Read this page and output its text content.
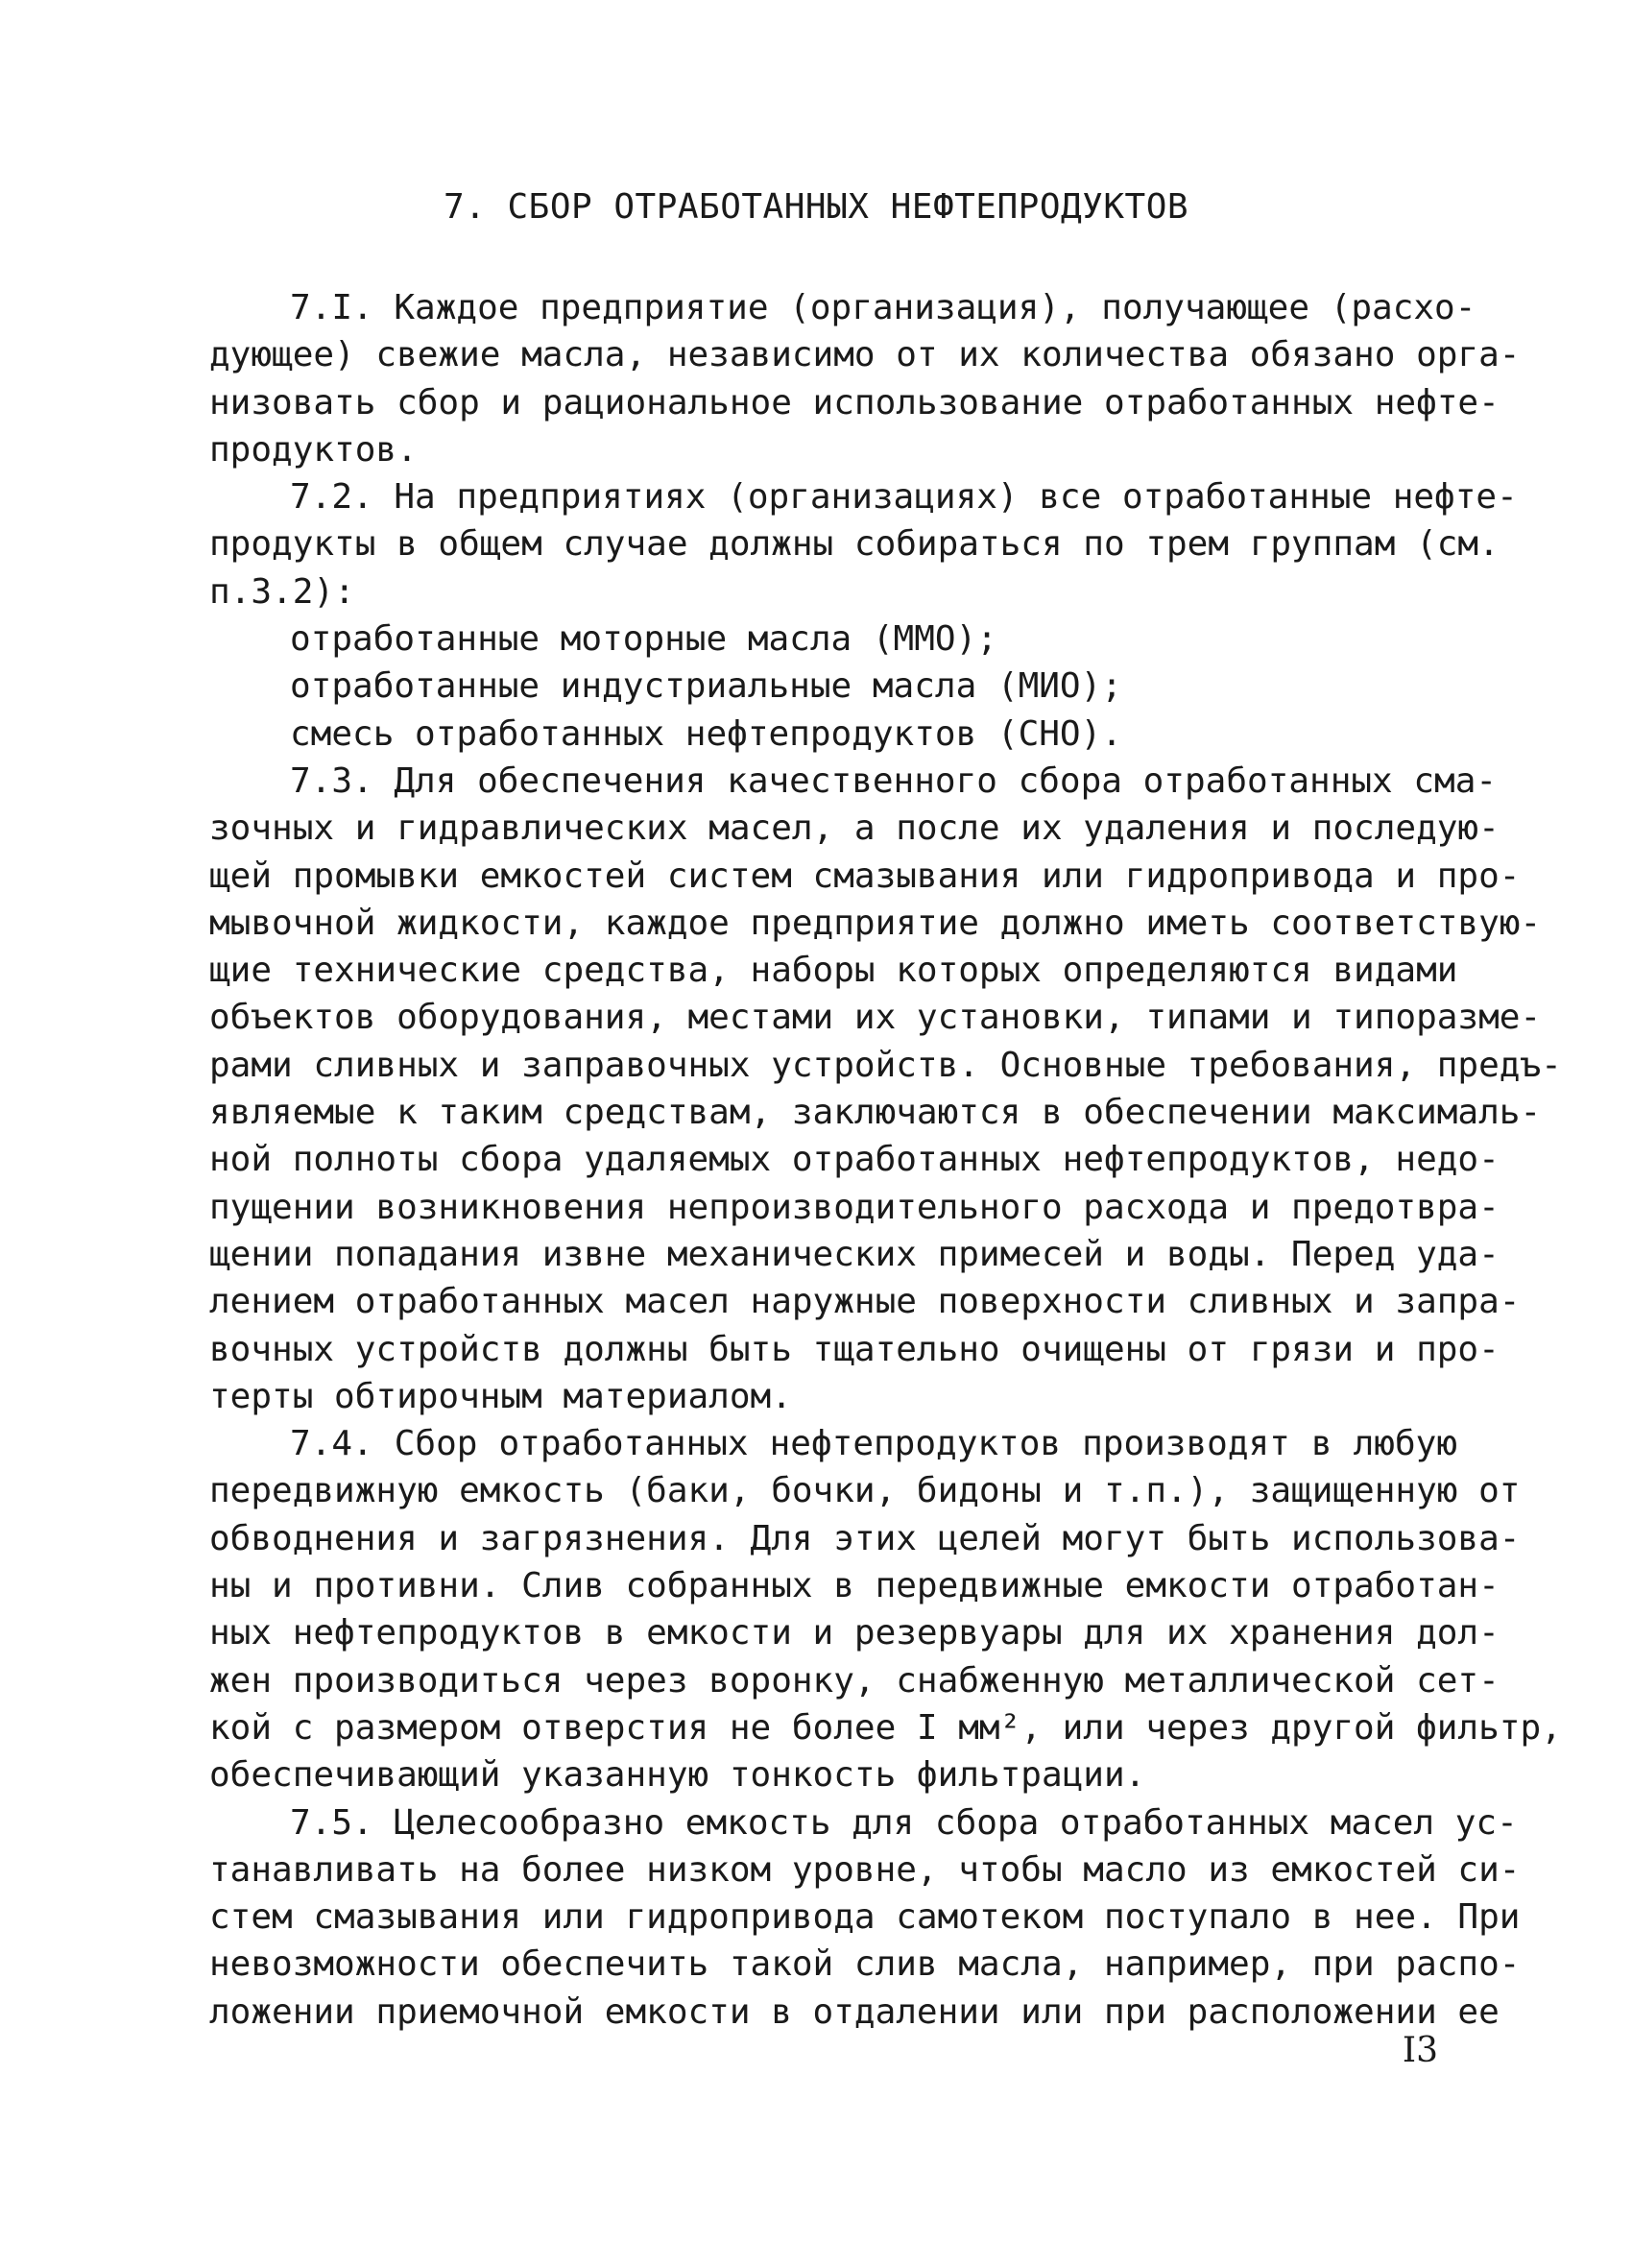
7. СБОР ОТРАБОТАННЫХ НЕФТЕПРОДУКТОВ
7.I. Каждое предприятие (организация), получающее (расхо-
дующее) свежие масла, независимо от их количества обязано орга-
низовать сбор и рациональное использование отработанных нефте-
продуктов.
7.2. На предприятиях (организациях) все отработанные нефте-
продукты в общем случае должны собираться по трем группам (см.
п.3.2):
отработанные моторные масла (ММО);
отработанные индустриальные масла (МИО);
смесь отработанных нефтепродуктов (СНО).
7.3. Для обеспечения качественного сбора отработанных сма-
зочных и гидравлических масел, а после их удаления и последую-
щей промывки емкостей систем смазывания или гидропривода и про-
мывочной жидкости, каждое предприятие должно иметь соответствую-
щие технические средства, наборы которых определяются видами
объектов оборудования, местами их установки, типами и типоразме-
рами сливных и заправочных устройств. Основные требования, предъ-
являемые к таким средствам, заключаются в обеспечении максималь-
ной полноты сбора удаляемых отработанных нефтепродуктов, недо-
пущении возникновения непроизводительного расхода и предотвра-
щении попадания извне механических примесей и воды. Перед уда-
лением отработанных масел наружные поверхности сливных и запра-
вочных устройств должны быть тщательно очищены от грязи и про-
терты обтирочным материалом.
7.4. Сбор отработанных нефтепродуктов производят в любую
передвижную емкость (баки, бочки, бидоны и т.п.), защищенную от
обводнения и загрязнения. Для этих целей могут быть использова-
ны и противни. Слив собранных в передвижные емкости отработан-
ных нефтепродуктов в емкости и резервуары для их хранения дол-
жен производиться через воронку, снабженную металлической сет-
кой с размером отверстия не более I мм², или через другой фильтр,
обеспечивающий указанную тонкость фильтрации.
7.5. Целесообразно емкость для сбора отработанных масел ус-
танавливать на более низком уровне, чтобы масло из емкостей си-
стем смазывания или гидропривода самотеком поступало в нее. При
невозможности обеспечить такой слив масла, например, при распо-
ложении приемочной емкости в отдалении или при расположении ее
I3
